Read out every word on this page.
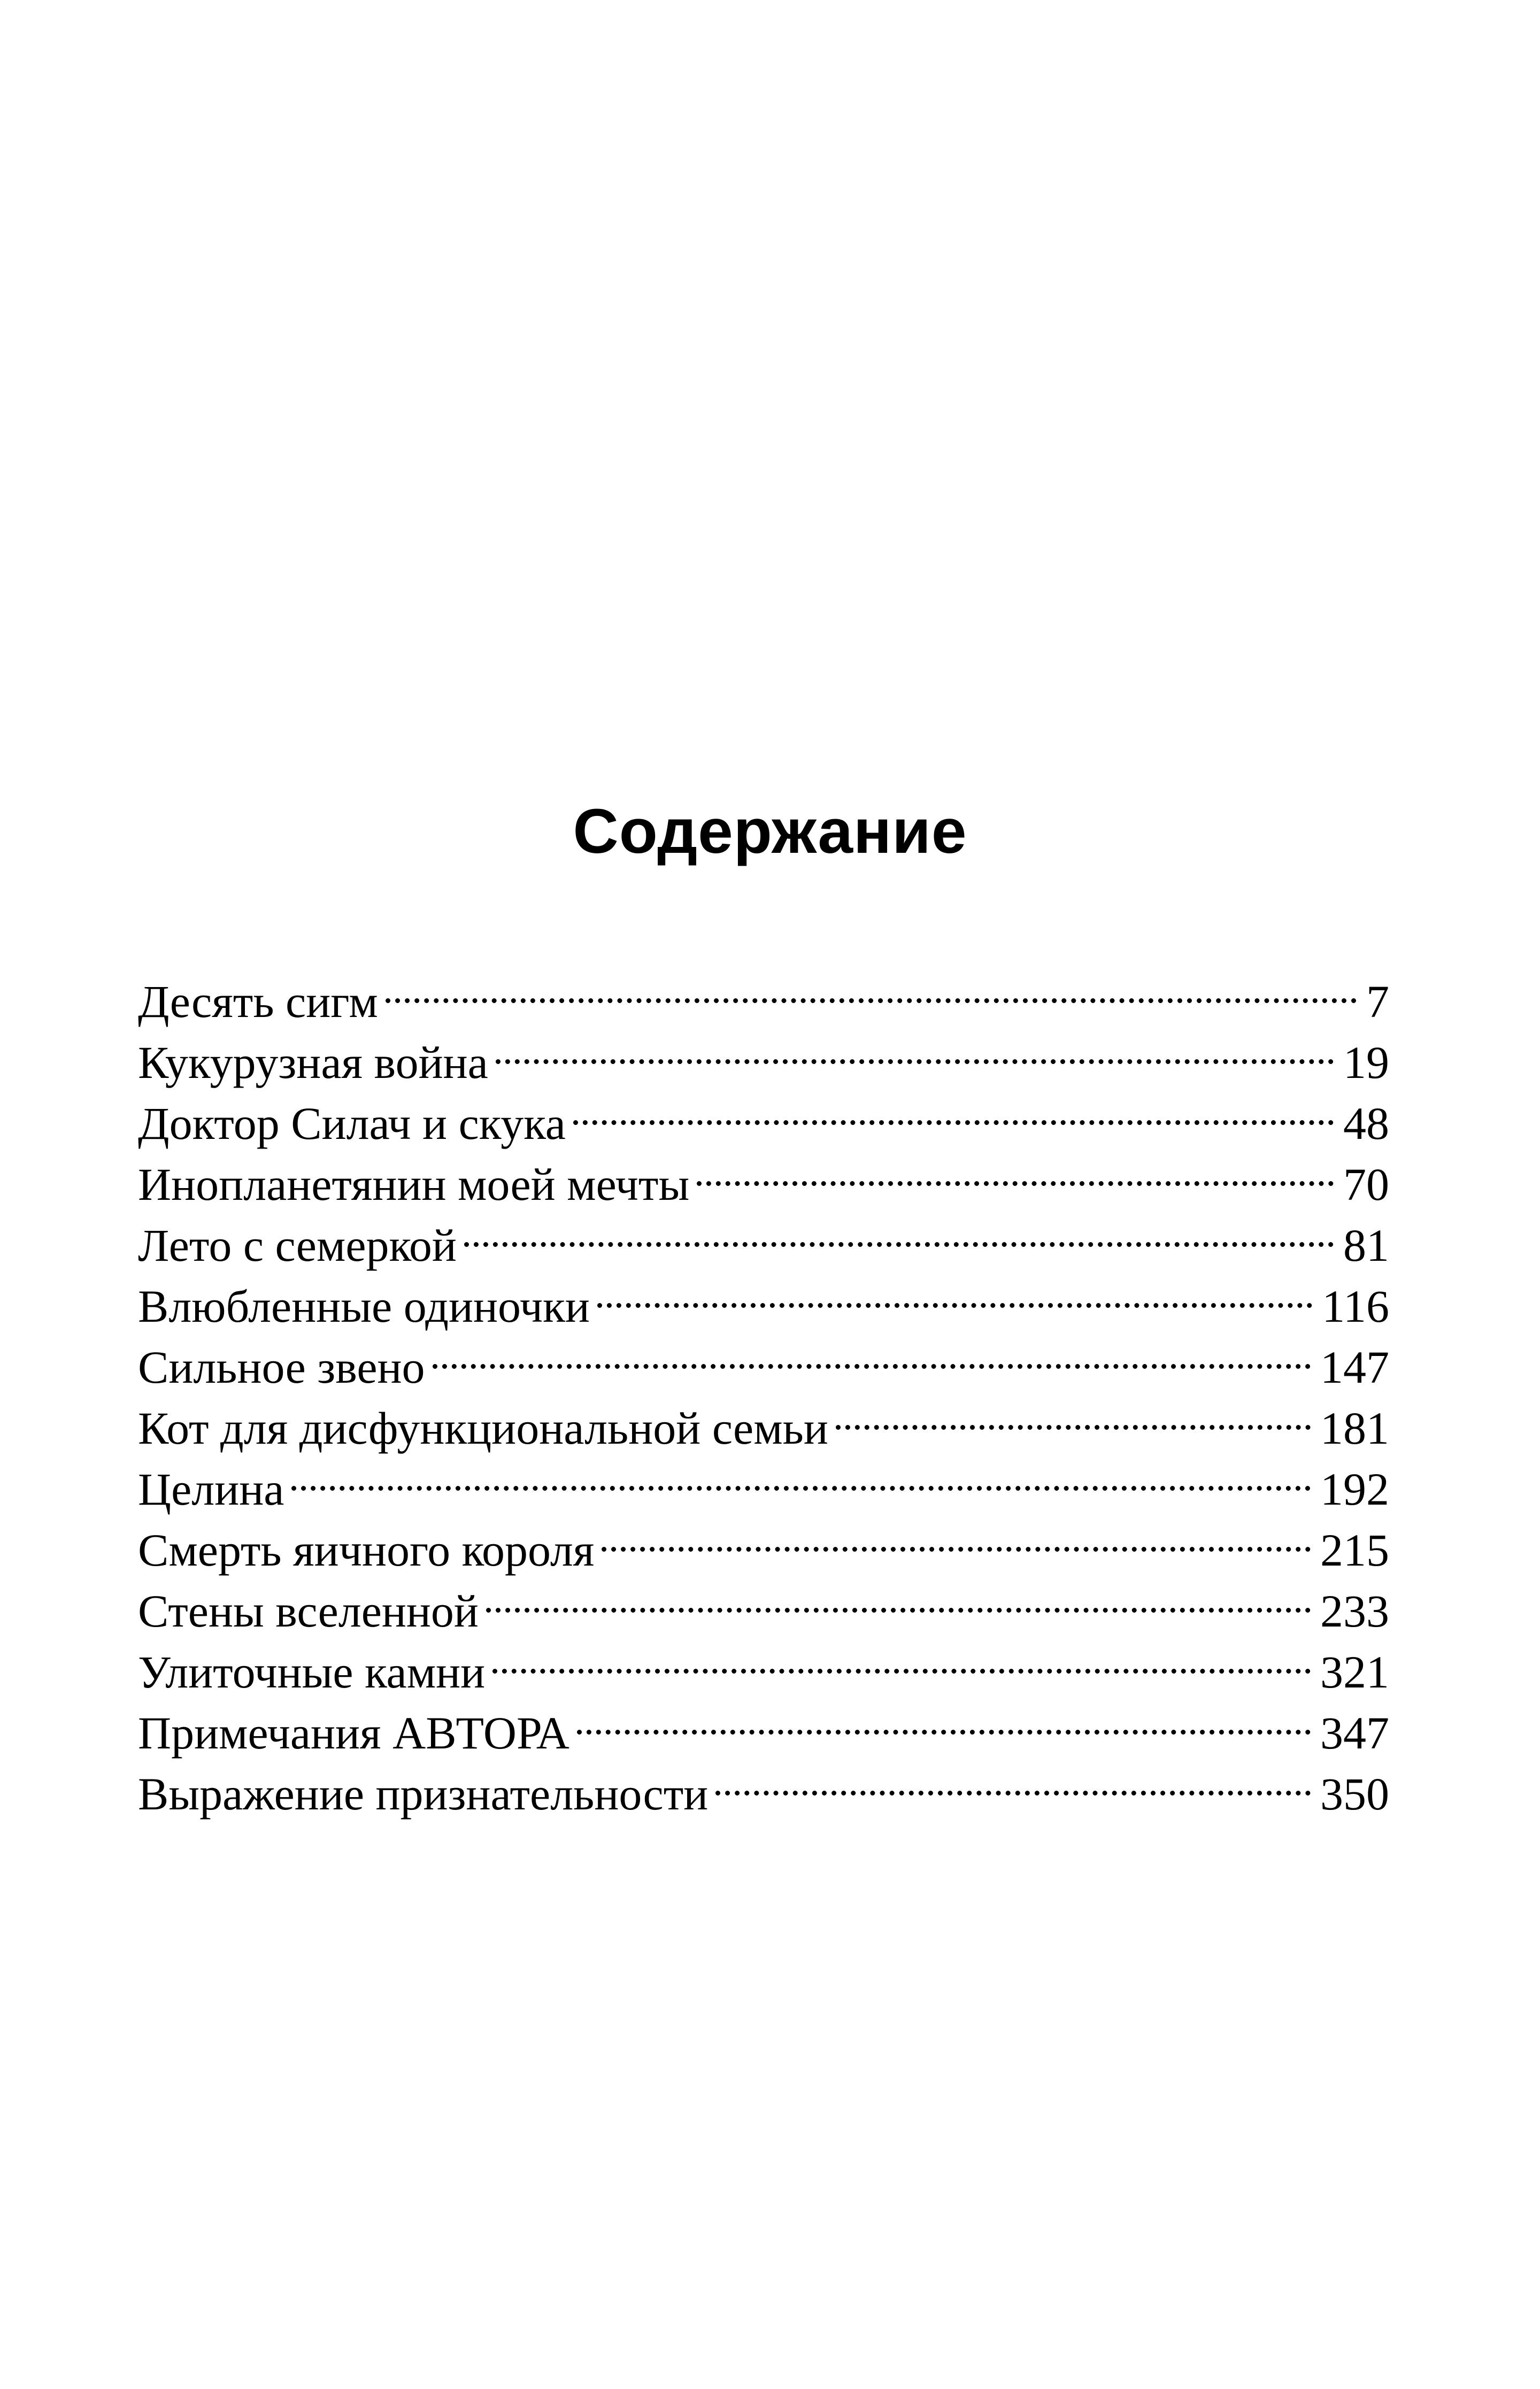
Содержание
Десять сигм	7
Кукурузная война	19
Доктор Силач и скука	48
Инопланетянин моей мечты	70
Лето с семеркой	81
Влюбленные одиночки	116
Сильное звено	147
Кот для дисфункциональной семьи	181
Целина	192
Смерть яичного короля	215
Стены вселенной	233
Улиточные камни	321
Примечания АВТОРА	347
Выражение признательности	350
